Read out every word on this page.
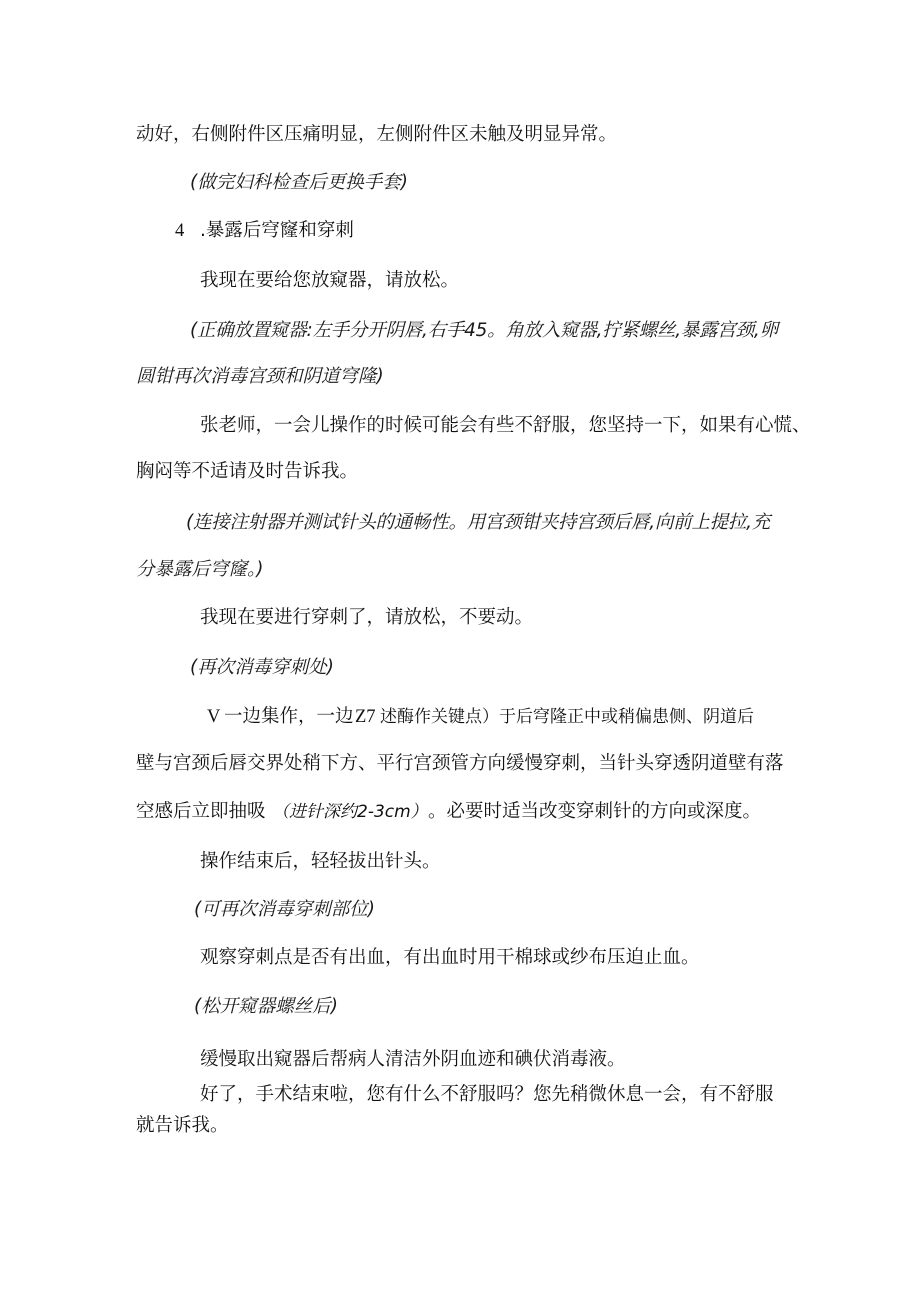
动好，右侧附件区压痛明显，左侧附件区未触及明显异常。

(做完妇科检查后更换手套)

4 .暴露后穹窿和穿刺

我现在要给您放窥器，请放松。

(正确放置窥器:左手分开阴唇,右手45。角放入窥器,拧紧螺丝,暴露宫颈,卵

圆钳再次消毒宫颈和阴道穹隆)

张老师，一会儿操作的时候可能会有些不舒服，您坚持一下，如果有心慌、

胸闷等不适请及时告诉我。

(连接注射器并测试针头的通畅性。用宫颈钳夹持宫颈后唇,向前上提拉,充

分暴露后穹窿。)

我现在要进行穿刺了，请放松，不要动。

(再次消毒穿刺处)

V 一边集作，一边 Z7 述酶作关键点）于后穹隆正中或稍偏患侧、阴道后

壁与宫颈后唇交界处稍下方、平行宫颈管方向缓慢穿刺，当针头穿透阴道壁有落

空感后立即抽吸 （进针深约2-3cm） 。必要时适当改变穿刺针的方向或深度。

操作结束后，轻轻拔出针头。

(可再次消毒穿刺部位)

观察穿刺点是否有出血，有出血时用干棉球或纱布压迫止血。

(松开窥器螺丝后)

缓慢取出窥器后帮病人清洁外阴血迹和碘伏消毒液。

好了，手术结束啦，您有什么不舒服吗？您先稍微休息一会，有不舒服

就告诉我。
